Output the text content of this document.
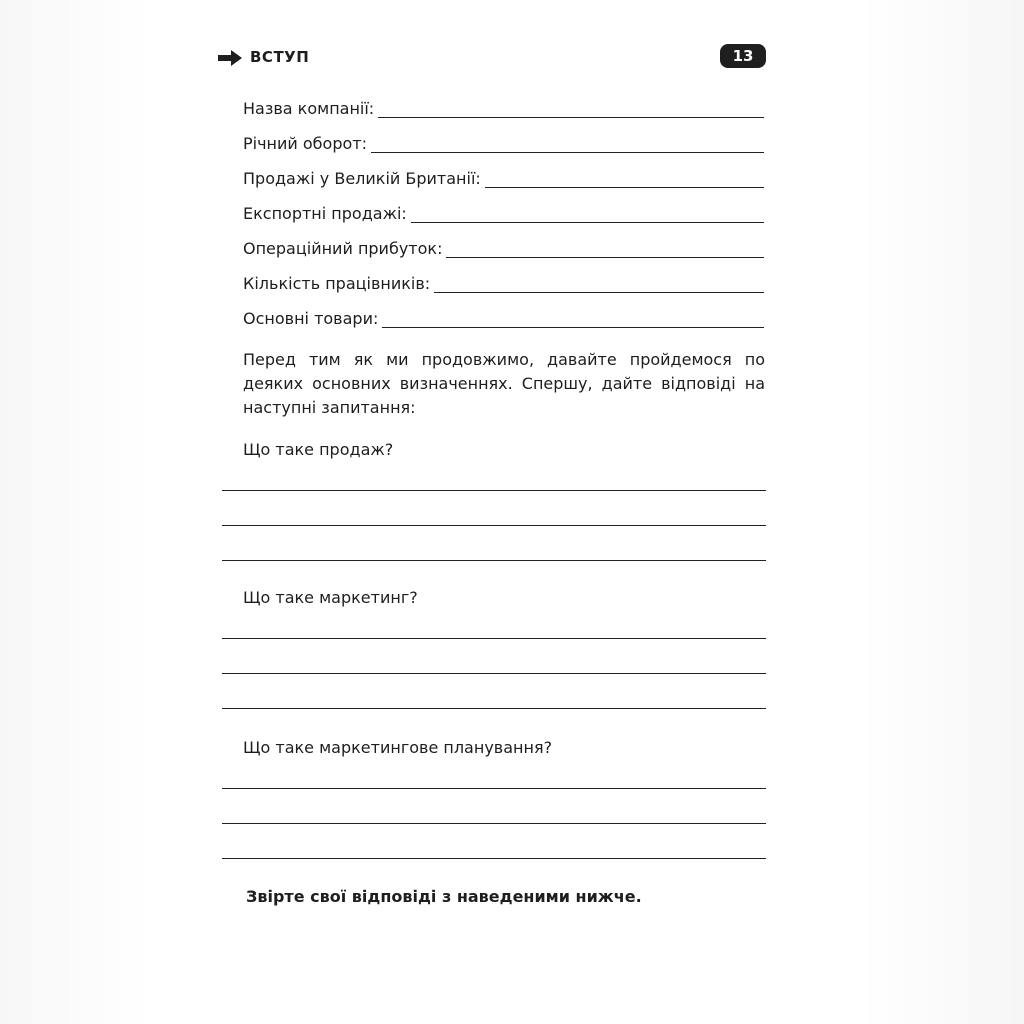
ВСТУП	13
Назва компанії:
Річний оборот:
Продажі у Великій Британії:
Експортні продажі:
Операційний прибуток:
Кількість працівників:
Основні товари:
Перед тим як ми продовжимо, давайте пройдемося по деяких основних визначеннях. Спершу, дайте відповіді на наступні запитання:
Що таке продаж?
Що таке маркетинг?
Що таке маркетингове планування?
Звірте свої відповіді з наведеними нижче.
